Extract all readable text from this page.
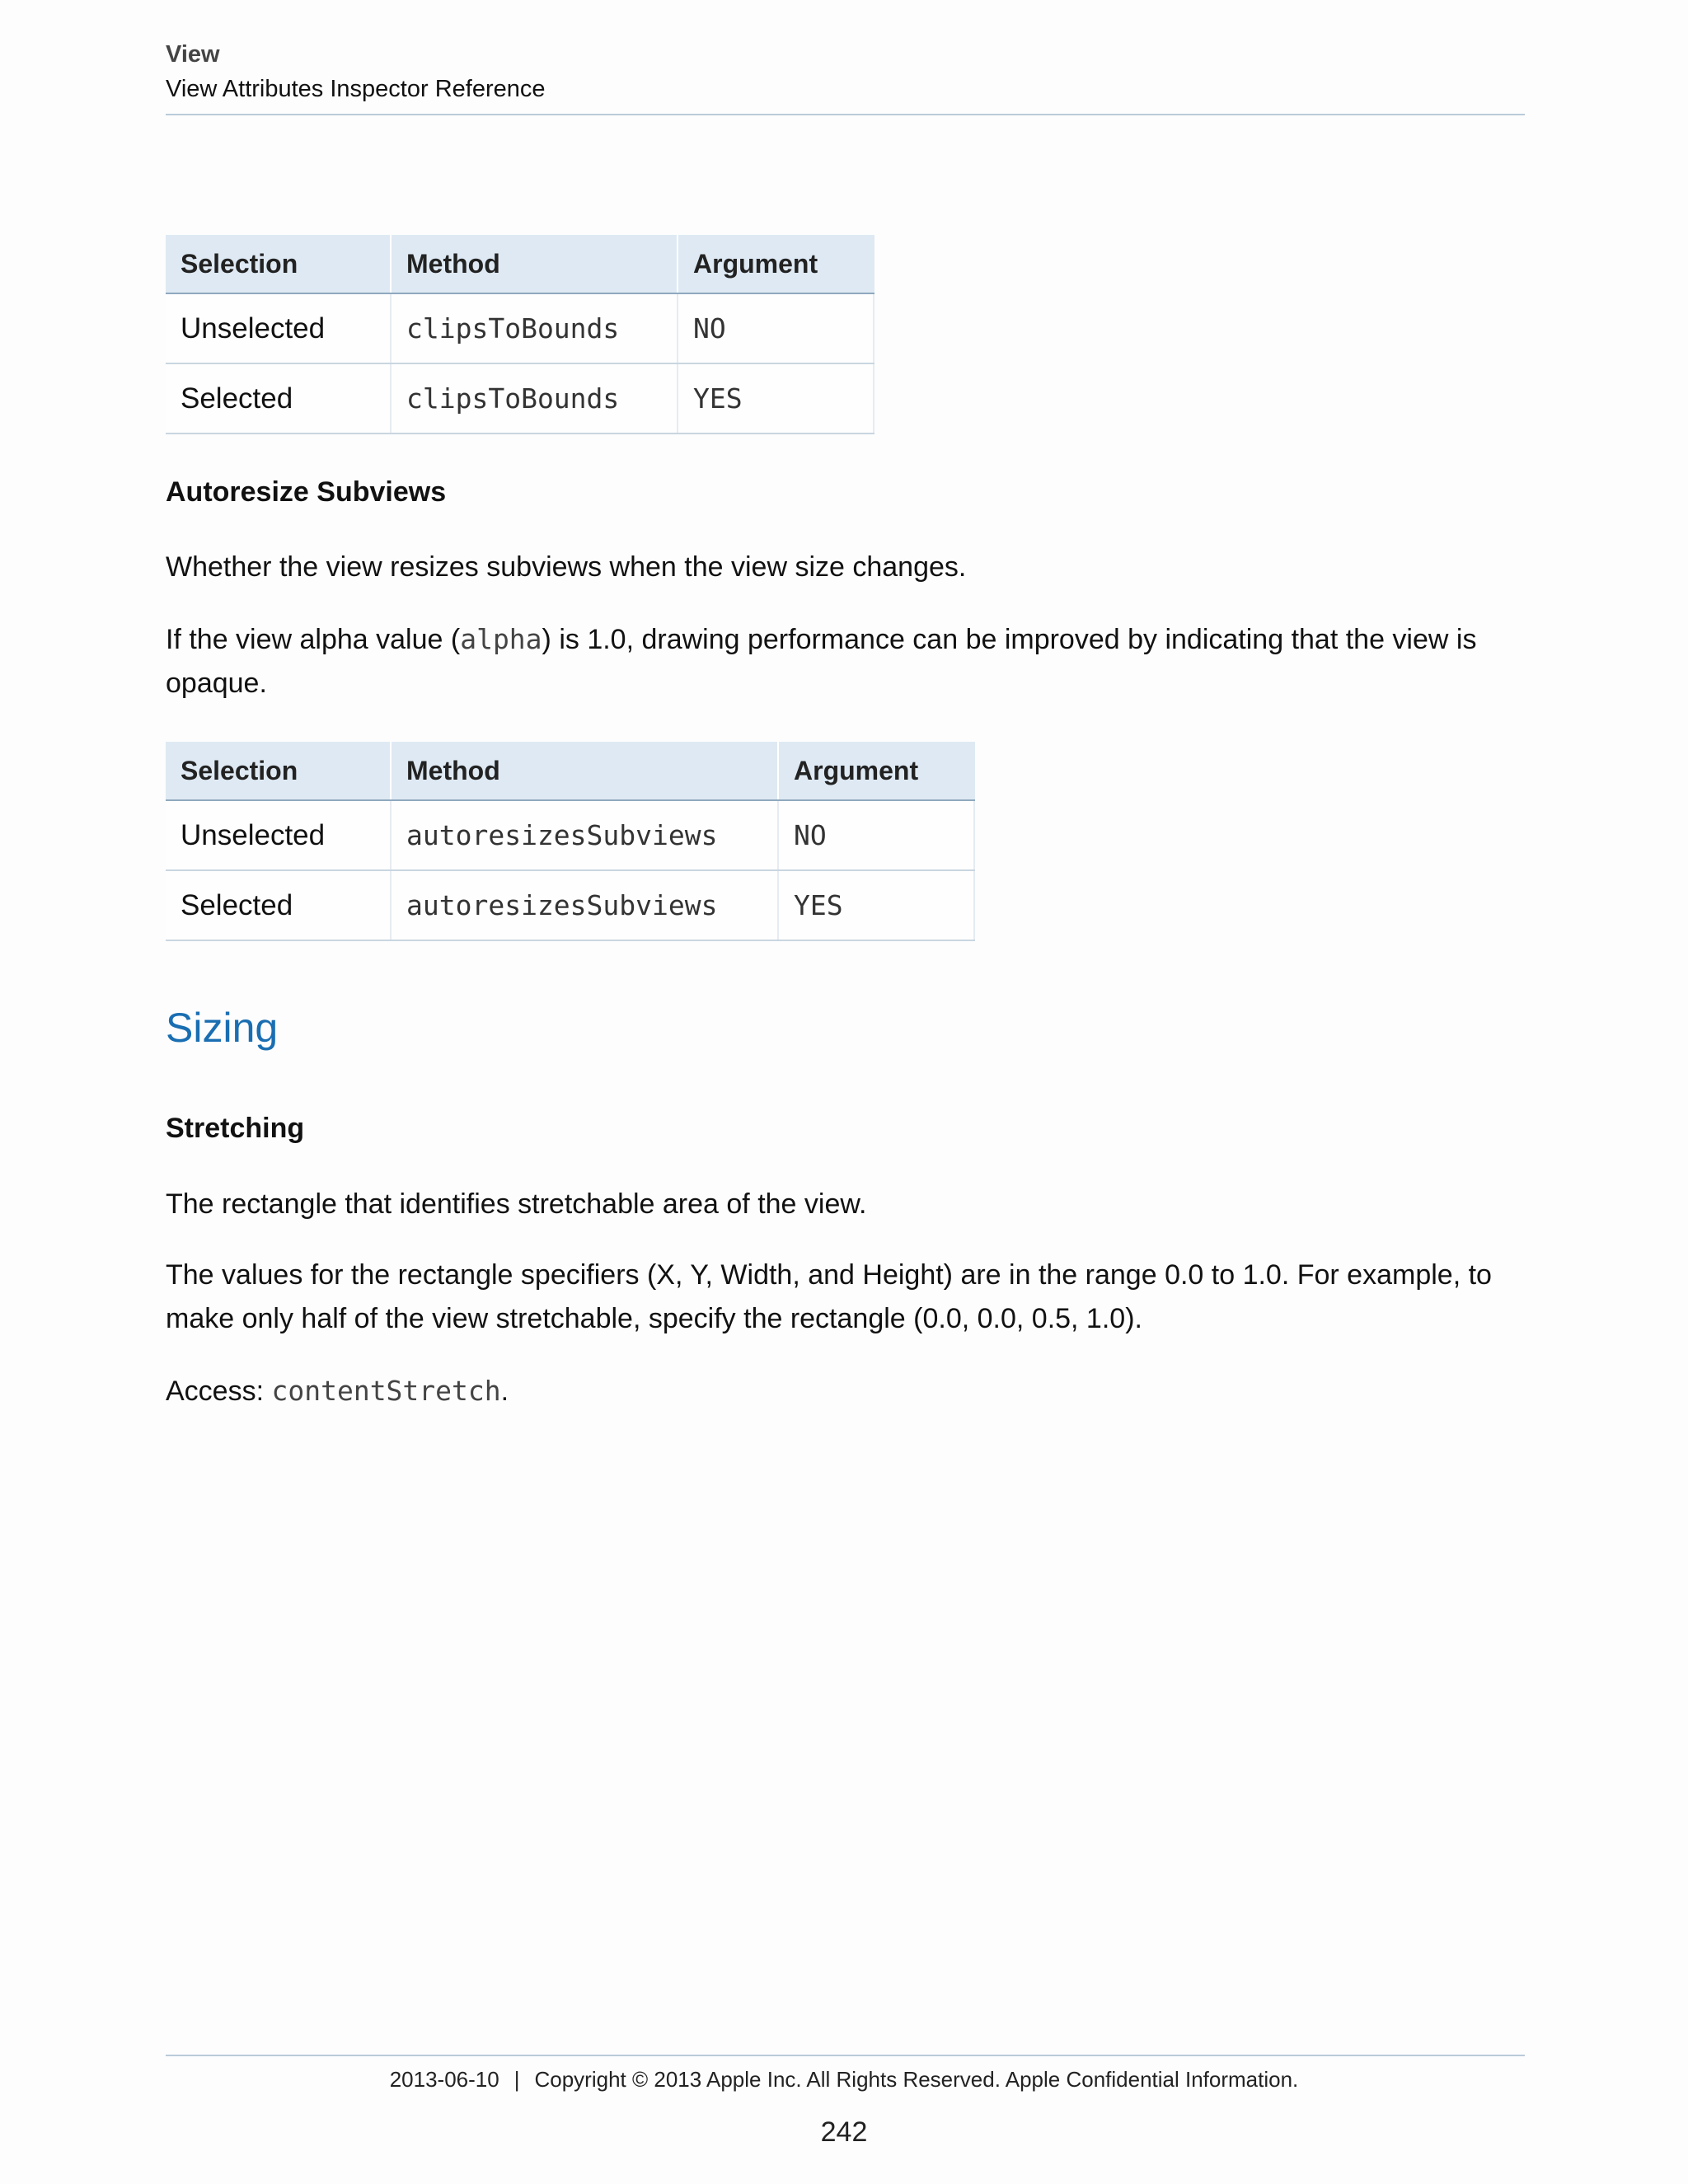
View
View Attributes Inspector Reference
Selection	Method	Argument
Unselected	clipsToBounds	NO
Selected	clipsToBounds	YES
Autoresize Subviews
Whether the view resizes subviews when the view size changes.
If the view alpha value (alpha) is 1.0, drawing performance can be improved by indicating that the view is opaque.
Selection	Method	Argument
Unselected	autoresizesSubviews	NO
Selected	autoresizesSubviews	YES
Sizing
Stretching
The rectangle that identifies stretchable area of the view.
The values for the rectangle specifiers (X, Y, Width, and Height) are in the range 0.0 to 1.0. For example, to make only half of the view stretchable, specify the rectangle (0.0, 0.0, 0.5, 1.0).
Access: contentStretch.
2013-06-10 | Copyright © 2013 Apple Inc. All Rights Reserved. Apple Confidential Information.
242
